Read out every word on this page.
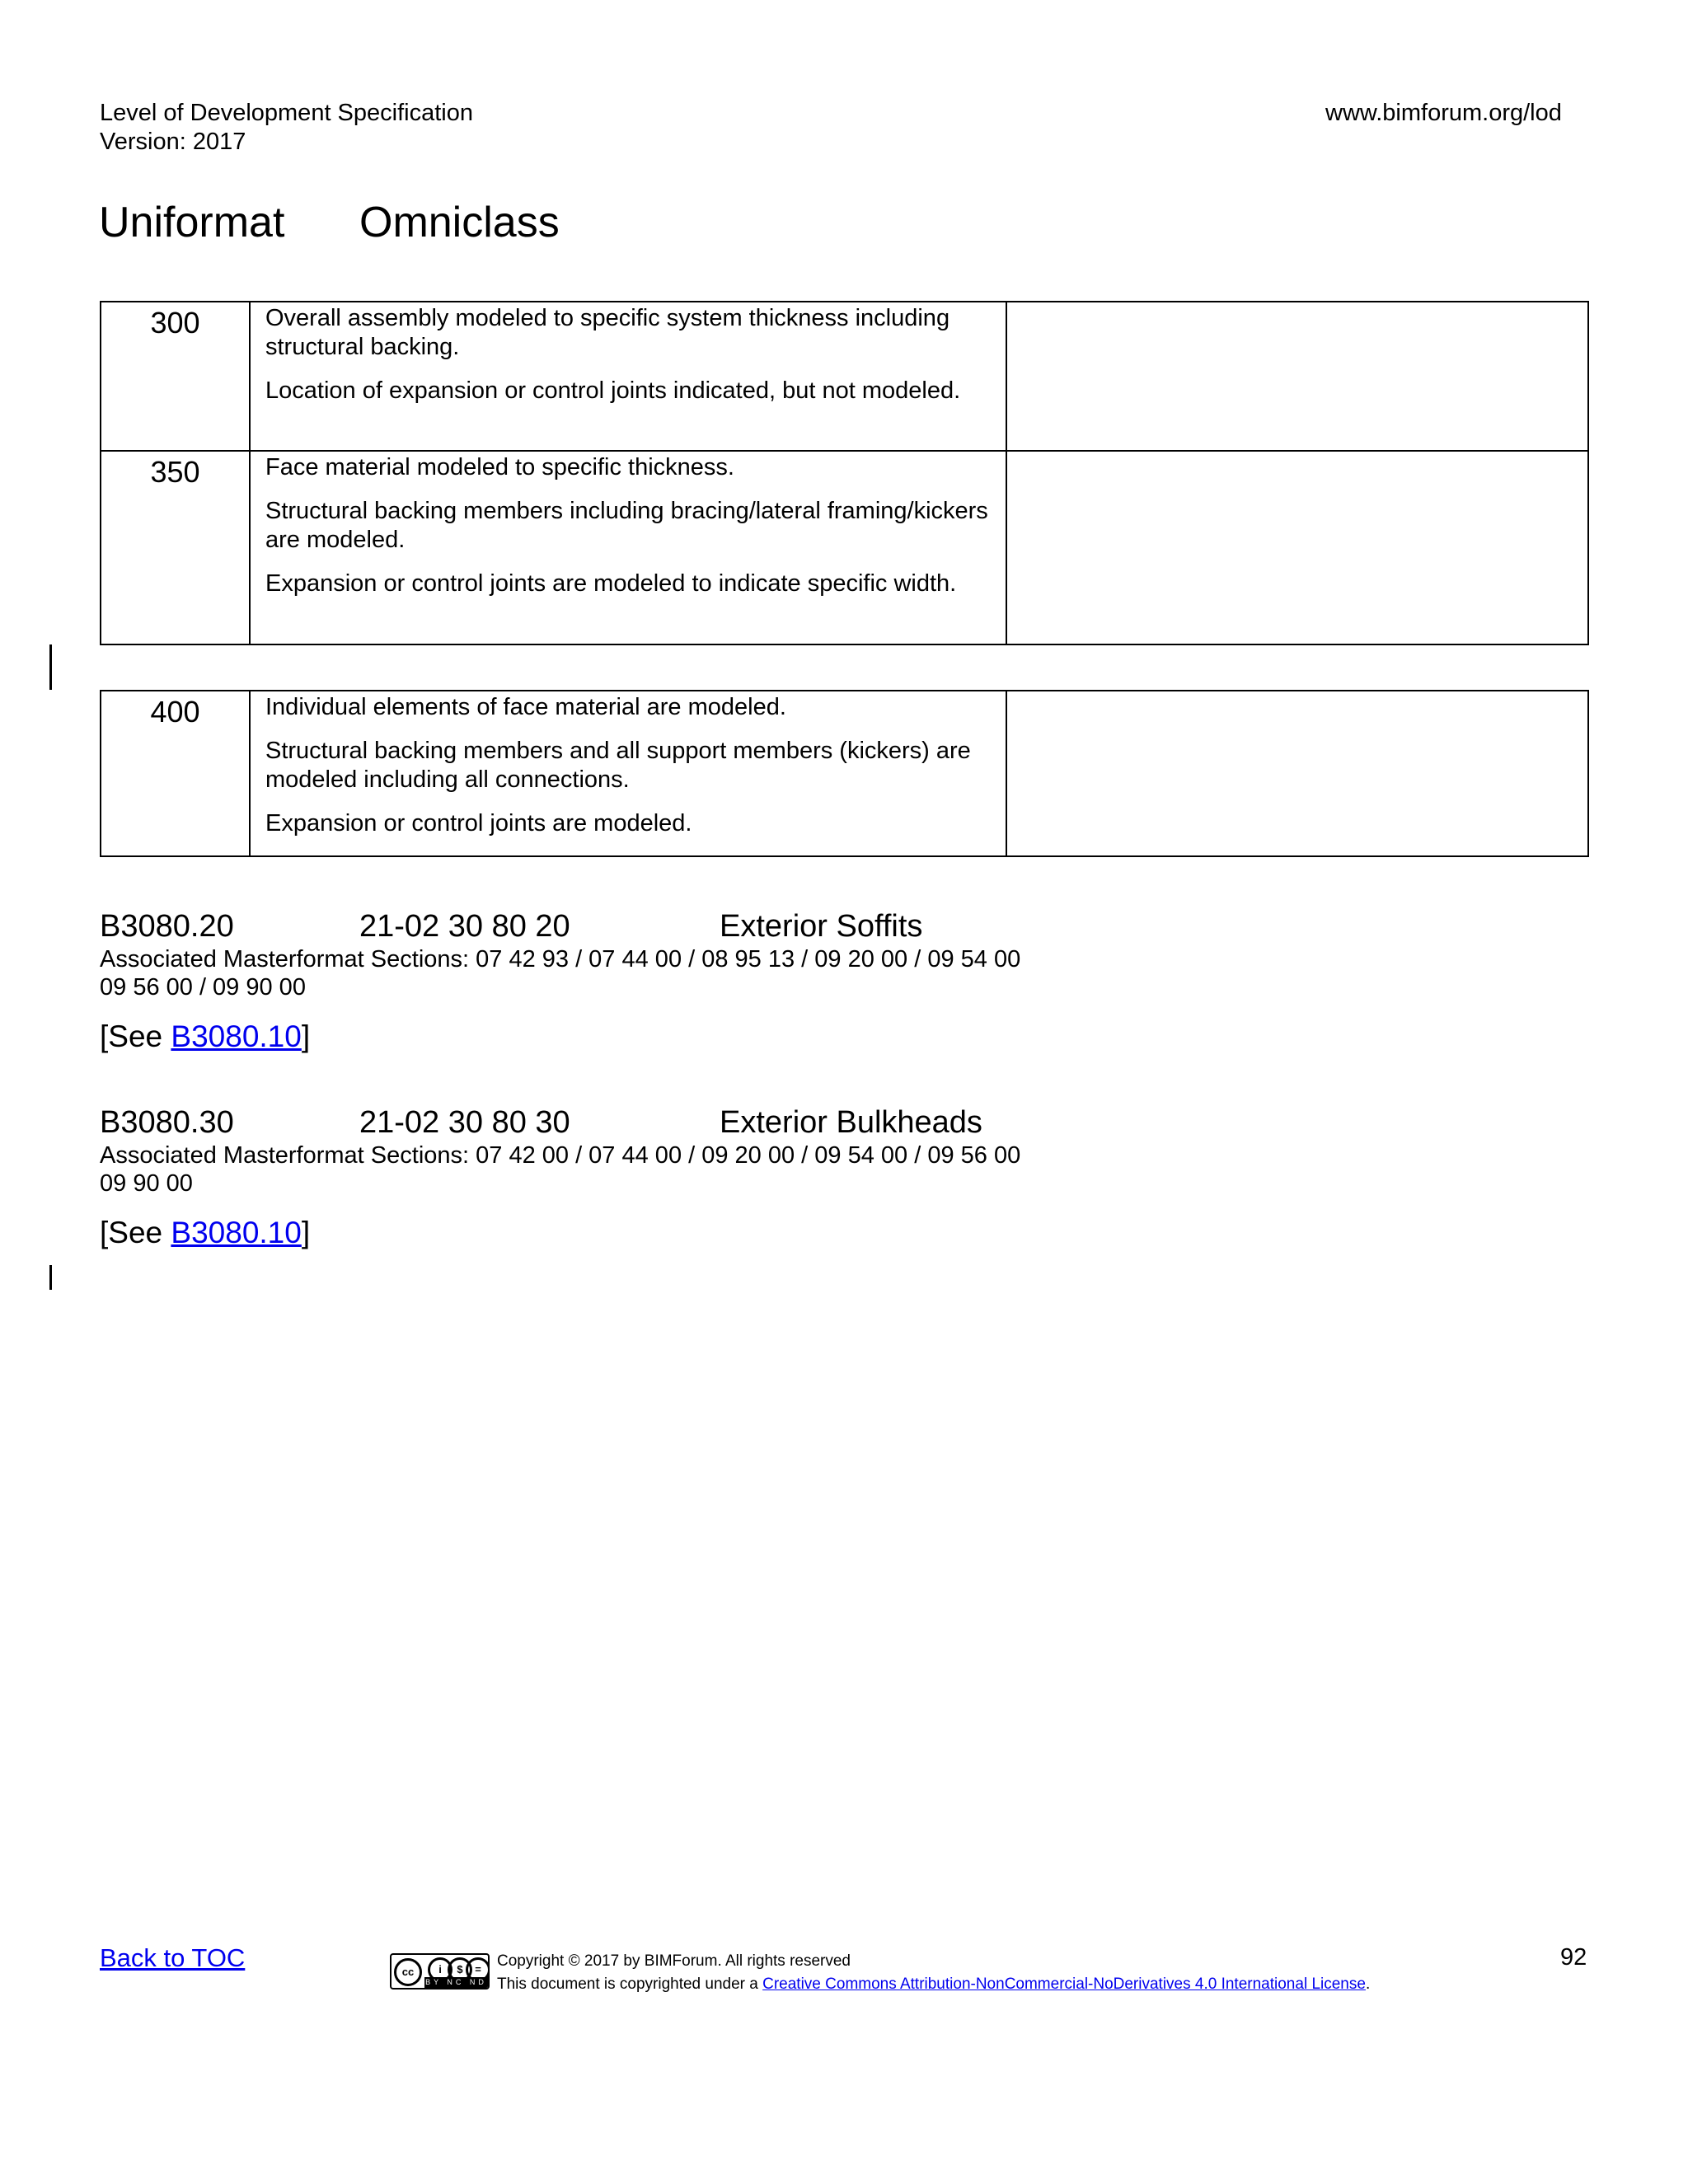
Level of Development Specification
Version: 2017
www.bimforum.org/lod
Uniformat Omniclass
300	Overall assembly modeled to specific system thickness including structural backing.

Location of expansion or control joints indicated, but not modeled.	

350	Face material modeled to specific thickness.

Structural backing members including bracing/lateral framing/kickers are modeled.

Expansion or control joints are modeled to indicate specific width.	

400	Individual elements of face material are modeled.

Structural backing members and all support members (kickers) are modeled including all connections.

Expansion or control joints are modeled.

B3080.20	21-02 30 80 20	Exterior Soffits
Associated Masterformat Sections: 07 42 93 / 07 44 00 / 08 95 13 / 09 20 00 / 09 54 00
09 56 00 / 09 90 00
[See B3080.10]
B3080.30	21-02 30 80 30	Exterior Bulkheads
Associated Masterformat Sections: 07 42 00 / 07 44 00 / 09 20 00 / 09 54 00 / 09 56 00
09 90 00
[See B3080.10]
Back to TOC	cc	i	$	=
BY NC ND
Copyright © 2017 by BIMForum. All rights reserved
This document is copyrighted under a Creative Commons Attribution-NonCommercial-NoDerivatives 4.0 International License.
92
